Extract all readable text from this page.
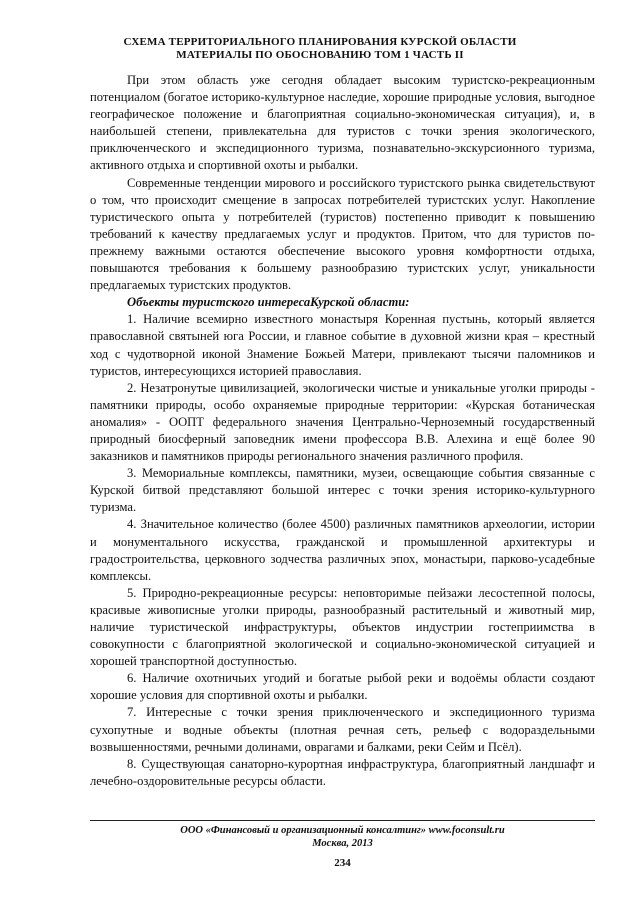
СХЕМА ТЕРРИТОРИАЛЬНОГО ПЛАНИРОВАНИЯ КУРСКОЙ ОБЛАСТИ
МАТЕРИАЛЫ ПО ОБОСНОВАНИЮ ТОМ 1 ЧАСТЬ II

При этом область уже сегодня обладает высоким туристско-рекреационным потенциалом (богатое историко-культурное наследие, хорошие природные условия, выгодное географическое положение и благоприятная социально-экономическая ситуация), и, в наибольшей степени, привлекательна для туристов с точки зрения экологического, приключенческого и экспедиционного туризма, познавательно-экскурсионного туризма, активного отдыха и спортивной охоты и рыбалки.

Современные тенденции мирового и российского туристского рынка свидетельствуют о том, что происходит смещение в запросах потребителей туристских услуг. Накопление туристического опыта у потребителей (туристов) постепенно приводит к повышению требований к качеству предлагаемых услуг и продуктов. Притом, что для туристов по-прежнему важными остаются обеспечение высокого уровня комфортности отдыха, повышаются требования к большему разнообразию туристских услуг, уникальности предлагаемых туристских продуктов.

Объекты туристского интересаКурской области:

1. Наличие всемирно известного монастыря Коренная пустынь, который является православной святыней юга России, и главное событие в духовной жизни края – крестный ход с чудотворной иконой Знамение Божьей Матери, привлекают тысячи паломников и туристов, интересующихся историей православия.

2. Незатронутые цивилизацией, экологически чистые и уникальные уголки природы - памятники природы, особо охраняемые природные территории: «Курская ботаническая аномалия» - ООПТ федерального значения Центрально-Черноземный государственный природный биосферный заповедник имени профессора В.В. Алехина и ещё более 90 заказников и памятников природы регионального значения различного профиля.

3. Мемориальные комплексы, памятники, музеи, освещающие события связанные с Курской битвой представляют большой интерес с точки зрения историко-культурного туризма.

4. Значительное количество (более 4500) различных памятников археологии, истории и монументального искусства, гражданской и промышленной архитектуры и градостроительства, церковного зодчества различных эпох, монастыри, парково-усадебные комплексы.

5. Природно-рекреационные ресурсы: неповторимые пейзажи лесостепной полосы, красивые живописные уголки природы, разнообразный растительный и животный мир, наличие туристической инфраструктуры, объектов индустрии гостеприимства в совокупности с благоприятной экологической и социально-экономической ситуацией и хорошей транспортной доступностью.

6. Наличие охотничьих угодий и богатые рыбой реки и водоёмы области создают хорошие условия для спортивной охоты и рыбалки.

7. Интересные с точки зрения приключенческого и экспедиционного туризма сухопутные и водные объекты (плотная речная сеть, рельеф с водораздельными возвышенностями, речными долинами, оврагами и балками, реки Сейм и Псёл).

8. Существующая санаторно-курортная инфраструктура, благоприятный ландшафт и лечебно-оздоровительные ресурсы области.

ООО «Финансовый и организационный консалтинг» www.foconsult.ru
Москва, 2013
234
